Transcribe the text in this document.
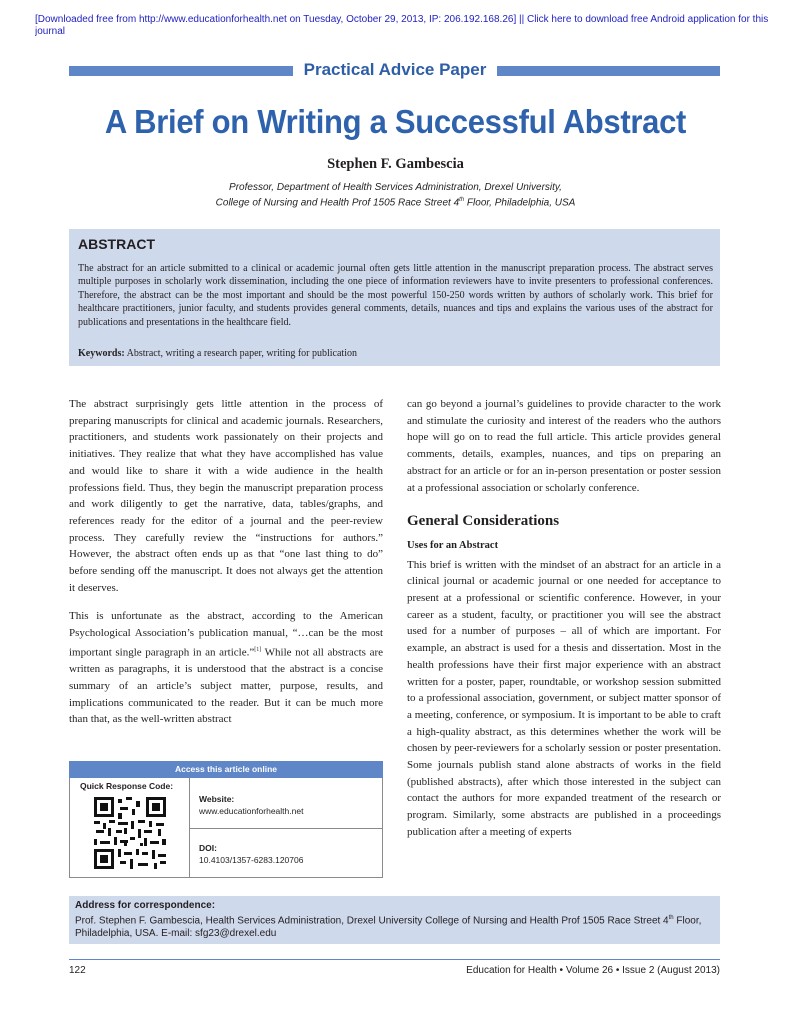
[Downloaded free from http://www.educationforhealth.net on Tuesday, October 29, 2013, IP: 206.192.168.26] || Click here to download free Android application for this
journal
Practical Advice Paper
A Brief on Writing a Successful Abstract
Stephen F. Gambescia
Professor, Department of Health Services Administration, Drexel University,
College of Nursing and Health Prof 1505 Race Street 4th Floor, Philadelphia, USA
ABSTRACT
The abstract for an article submitted to a clinical or academic journal often gets little attention in the manuscript preparation process. The abstract serves multiple purposes in scholarly work dissemination, including the one piece of information reviewers have to invite presenters to professional conferences. Therefore, the abstract can be the most important and should be the most powerful 150-250 words written by authors of scholarly work. This brief for healthcare practitioners, junior faculty, and students provides general comments, details, nuances and tips and explains the various uses of the abstract for publications and presentations in the healthcare field.
Keywords: Abstract, writing a research paper, writing for publication

The abstract surprisingly gets little attention in the process of preparing manuscripts for clinical and academic journals. Researchers, practitioners, and students work passionately on their projects and initiatives. They realize that what they have accomplished has value and would like to share it with a wide audience in the health professions field. Thus, they begin the manuscript preparation process and work diligently to get the narrative, data, tables/graphs, and references ready for the editor of a journal and the peer-review process. They carefully review the “instructions for authors.” However, the abstract often ends up as that “one last thing to do” before sending off the manuscript. It does not always get the attention it deserves.

This is unfortunate as the abstract, according to the American Psychological Association’s publication manual, “…can be the most important single paragraph in an article.”[1] While not all abstracts are written as paragraphs, it is understood that the abstract is a concise summary of an article’s subject matter, purpose, results, and implications communicated to the reader. But it can be much more than that, as the well-written abstract

can go beyond a journal’s guidelines to provide character to the work and stimulate the curiosity and interest of the readers who the authors hope will go on to read the full article. This article provides general comments, details, examples, nuances, and tips on preparing an abstract for an article or for an in-person presentation or poster session at a professional association or scholarly conference.

General Considerations
Uses for an Abstract

This brief is written with the mindset of an abstract for an article in a clinical journal or academic journal or one needed for acceptance to present at a professional or scientific conference. However, in your career as a student, faculty, or practitioner you will see the abstract used for a number of purposes – all of which are important. For example, an abstract is used for a thesis and dissertation. Most in the health professions have their first major experience with an abstract written for a poster, paper, roundtable, or workshop session submitted to a professional association, government, or subject matter sponsor of a meeting, conference, or symposium. It is important to be able to craft a high-quality abstract, as this determines whether the work will be chosen by peer-reviewers for a scholarly session or poster presentation. Some journals publish stand alone abstracts of works in the field (published abstracts), after which those interested in the subject can contact the authors for more expanded treatment of the research or program. Similarly, some abstracts are published in a proceedings publication after a meeting of experts

Access this article online
Quick Response Code:
Website:
www.educationforhealth.net
DOI:
10.4103/1357-6283.120706
Address for correspondence:
Prof. Stephen F. Gambescia, Health Services Administration, Drexel University College of Nursing and Health Prof 1505 Race Street 4th Floor,
Philadelphia, USA. E-mail: sfg23@drexel.edu
122	Education for Health • Volume 26 • Issue 2 (August 2013)
